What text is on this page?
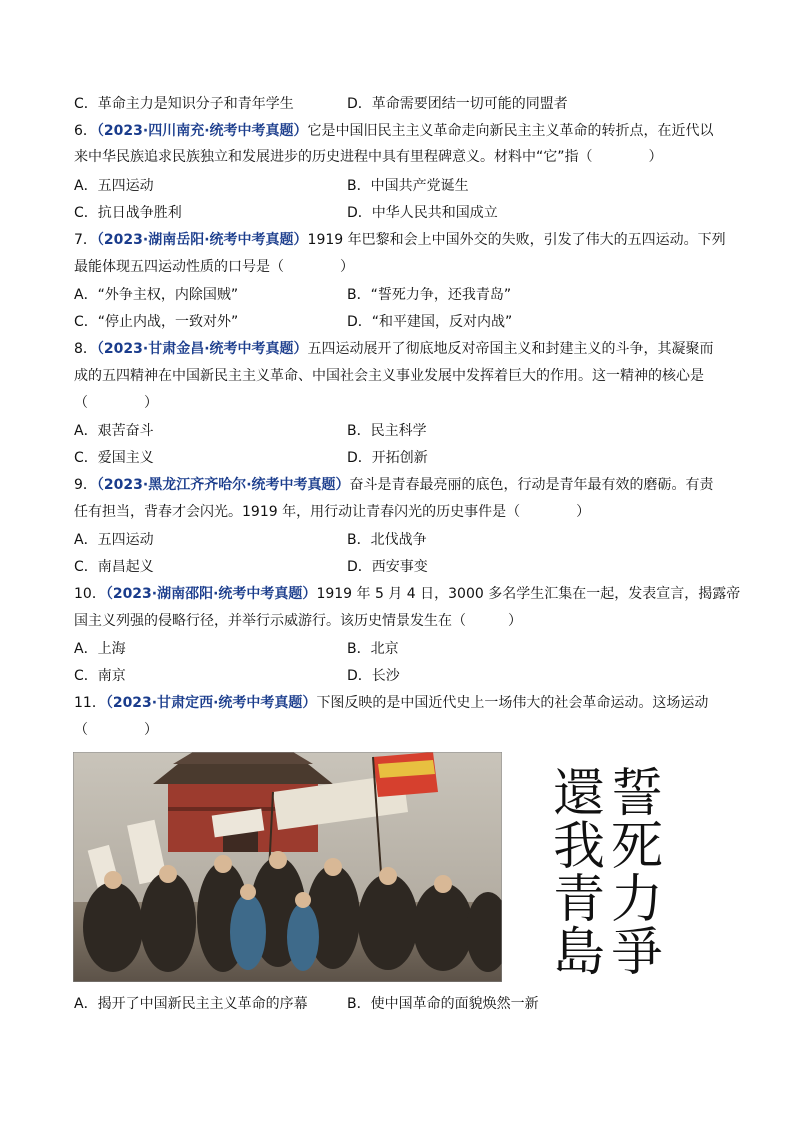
C．革命主力是知识分子和青年学生	D．革命需要团结一切可能的同盟者
6．（2023·四川南充·统考中考真题）它是中国旧民主主义革命走向新民主主义革命的转折点，在近代以
来中华民族追求民族独立和发展进步的历史进程中具有里程碑意义。材料中“它”指（　　　　）
A．五四运动	B．中国共产党诞生
C．抗日战争胜利	D．中华人民共和国成立
7．（2023·湖南岳阳·统考中考真题）1919 年巴黎和会上中国外交的失败，引发了伟大的五四运动。下列
最能体现五四运动性质的口号是（　　　　）
A．“外争主权，内除国贼”	B．“誓死力争，还我青岛”
C．“停止内战，一致对外”	D．“和平建国，反对内战”
8．（2023·甘肃金昌·统考中考真题）五四运动展开了彻底地反对帝国主义和封建主义的斗争，其凝聚而
成的五四精神在中国新民主主义革命、中国社会主义事业发展中发挥着巨大的作用。这一精神的核心是
（　　　　）
A．艰苦奋斗	B．民主科学
C．爱国主义	D．开拓创新
9．（2023·黑龙江齐齐哈尔·统考中考真题）奋斗是青春最亮丽的底色，行动是青年最有效的磨砺。有责
任有担当，背春才会闪光。1919 年，用行动让青春闪光的历史事件是（　　　　）
A．五四运动	B．北伐战争
C．南昌起义	D．西安事变
10．（2023·湖南邵阳·统考中考真题）1919 年 5 月 4 日，3000 多名学生汇集在一起，发表宣言，揭露帝
国主义列强的侵略行径，并举行示威游行。该历史情景发生在（　　　）
A．上海	B．北京
C．南京	D．长沙
11．（2023·甘肃定西·统考中考真题）下图反映的是中国近代史上一场伟大的社会革命运动。这场运动
（　　　　）
誓
死
力
爭
還
我
青
島
A．揭开了中国新民主主义革命的序幕	B．使中国革命的面貌焕然一新
